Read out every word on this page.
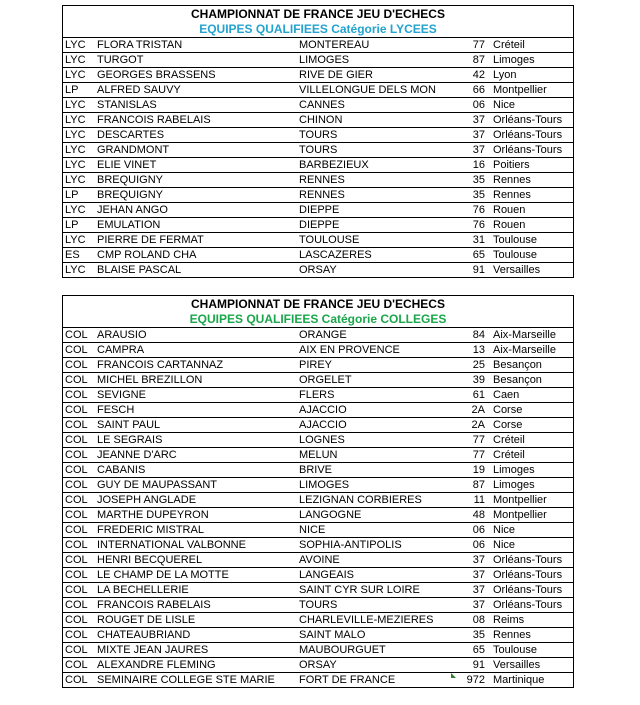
CHAMPIONNAT DE FRANCE JEU D'ECHECS
EQUIPES QUALIFIEES Catégorie LYCEES
LYC	FLORA TRISTAN	MONTEREAU	77	Créteil
LYC	TURGOT	LIMOGES	87	Limoges
LYC	GEORGES BRASSENS	RIVE DE GIER	42	Lyon
LP	ALFRED SAUVY	VILLELONGUE DELS MON	66	Montpellier
LYC	STANISLAS	CANNES	06	Nice
LYC	FRANCOIS RABELAIS	CHINON	37	Orléans-Tours
LYC	DESCARTES	TOURS	37	Orléans-Tours
LYC	GRANDMONT	TOURS	37	Orléans-Tours
LYC	ELIE VINET	BARBEZIEUX	16	Poitiers
LYC	BREQUIGNY	RENNES	35	Rennes
LP	BREQUIGNY	RENNES	35	Rennes
LYC	JEHAN ANGO	DIEPPE	76	Rouen
LP	EMULATION	DIEPPE	76	Rouen
LYC	PIERRE DE FERMAT	TOULOUSE	31	Toulouse
ES	CMP ROLAND CHA	LASCAZERES	65	Toulouse
LYC	BLAISE PASCAL	ORSAY	91	Versailles
CHAMPIONNAT DE FRANCE JEU D'ECHECS
EQUIPES QUALIFIEES Catégorie COLLEGES
COL	ARAUSIO	ORANGE	84	Aix-Marseille
COL	CAMPRA	AIX EN PROVENCE	13	Aix-Marseille
COL	FRANCOIS CARTANNAZ	PIREY	25	Besançon
COL	MICHEL BREZILLON	ORGELET	39	Besançon
COL	SEVIGNE	FLERS	61	Caen
COL	FESCH	AJACCIO	2A	Corse
COL	SAINT PAUL	AJACCIO	2A	Corse
COL	LE SEGRAIS	LOGNES	77	Créteil
COL	JEANNE D'ARC	MELUN	77	Créteil
COL	CABANIS	BRIVE	19	Limoges
COL	GUY DE MAUPASSANT	LIMOGES	87	Limoges
COL	JOSEPH ANGLADE	LEZIGNAN CORBIERES	11	Montpellier
COL	MARTHE DUPEYRON	LANGOGNE	48	Montpellier
COL	FREDERIC MISTRAL	NICE	06	Nice
COL	INTERNATIONAL VALBONNE	SOPHIA-ANTIPOLIS	06	Nice
COL	HENRI BECQUEREL	AVOINE	37	Orléans-Tours
COL	LE CHAMP DE LA MOTTE	LANGEAIS	37	Orléans-Tours
COL	LA BECHELLERIE	SAINT CYR SUR LOIRE	37	Orléans-Tours
COL	FRANCOIS RABELAIS	TOURS	37	Orléans-Tours
COL	ROUGET DE LISLE	CHARLEVILLE-MEZIERES	08	Reims
COL	CHATEAUBRIAND	SAINT MALO	35	Rennes
COL	MIXTE JEAN JAURES	MAUBOURGUET	65	Toulouse
COL	ALEXANDRE FLEMING	ORSAY	91	Versailles
COL	SEMINAIRE COLLEGE STE MARIE	FORT DE FRANCE	972	Martinique
